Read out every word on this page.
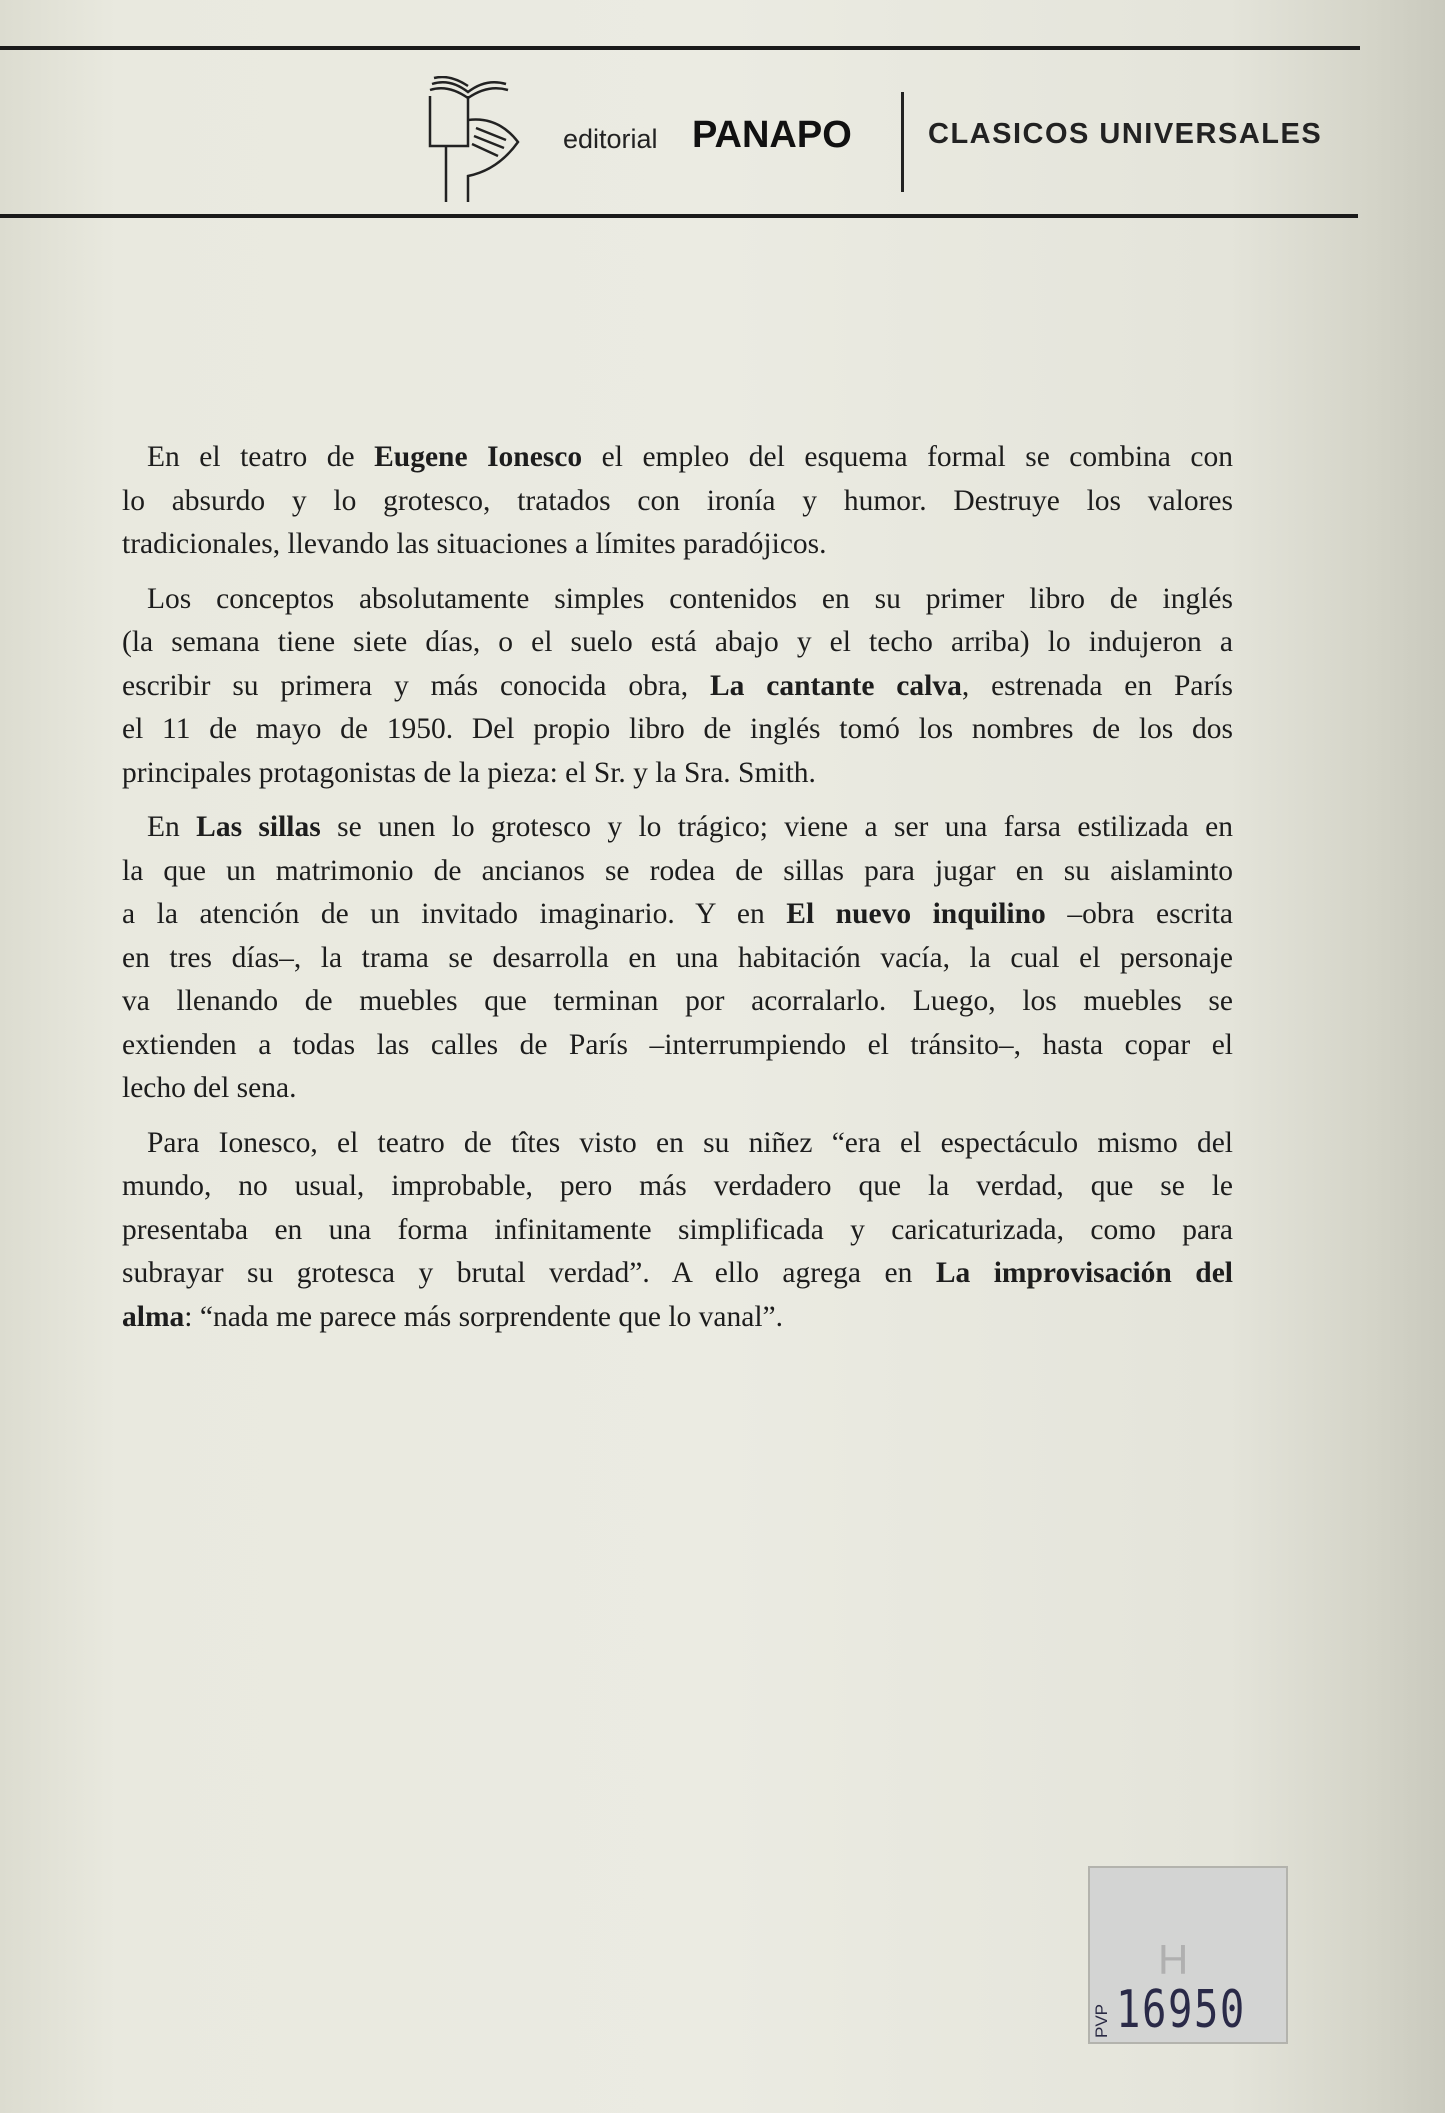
editorial PANAPO	CLASICOS UNIVERSALES
En el teatro de Eugene Ionesco el empleo del esquema formal se combina con
lo absurdo y lo grotesco, tratados con ironía y humor. Destruye los valores
tradicionales, llevando las situaciones a límites paradójicos.
Los conceptos absolutamente simples contenidos en su primer libro de inglés
(la semana tiene siete días, o el suelo está abajo y el techo arriba) lo indujeron a
escribir su primera y más conocida obra, La cantante calva, estrenada en París
el 11 de mayo de 1950. Del propio libro de inglés tomó los nombres de los dos
principales protagonistas de la pieza: el Sr. y la Sra. Smith.
En Las sillas se unen lo grotesco y lo trágico; viene a ser una farsa estilizada en
la que un matrimonio de ancianos se rodea de sillas para jugar en su aislaminto
a la atención de un invitado imaginario. Y en El nuevo inquilino –obra escrita
en tres días–, la trama se desarrolla en una habitación vacía, la cual el personaje
va llenando de muebles que terminan por acorralarlo. Luego, los muebles se
extienden a todas las calles de París –interrumpiendo el tránsito–, hasta copar el
lecho del sena.
Para Ionesco, el teatro de tîtes visto en su niñez “era el espectáculo mismo del
mundo, no usual, improbable, pero más verdadero que la verdad, que se le
presentaba en una forma infinitamente simplificada y caricaturizada, como para
subrayar su grotesca y brutal verdad”. A ello agrega en La improvisación del
alma: “nada me parece más sorprendente que lo vanal”.
H
PVP 16950
